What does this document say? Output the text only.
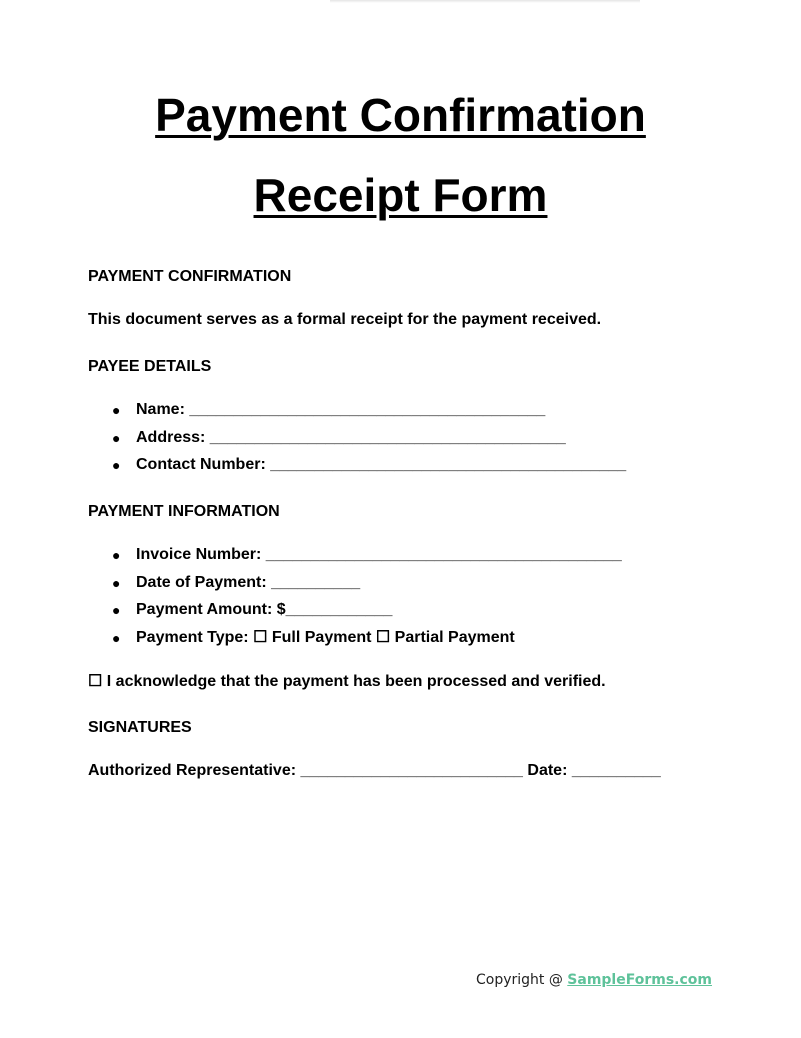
Payment Confirmation
Receipt Form
PAYMENT CONFIRMATION
This document serves as a formal receipt for the payment received.
PAYEE DETAILS
● Name: ________________________________________
● Address: ________________________________________
● Contact Number: ________________________________________
PAYMENT INFORMATION
● Invoice Number: ________________________________________
● Date of Payment: __________
● Payment Amount: $____________
● Payment Type: ☐ Full Payment ☐ Partial Payment
☐ I acknowledge that the payment has been processed and verified.
SIGNATURES
Authorized Representative: _________________________ Date: __________
Copyright @ SampleForms.com
